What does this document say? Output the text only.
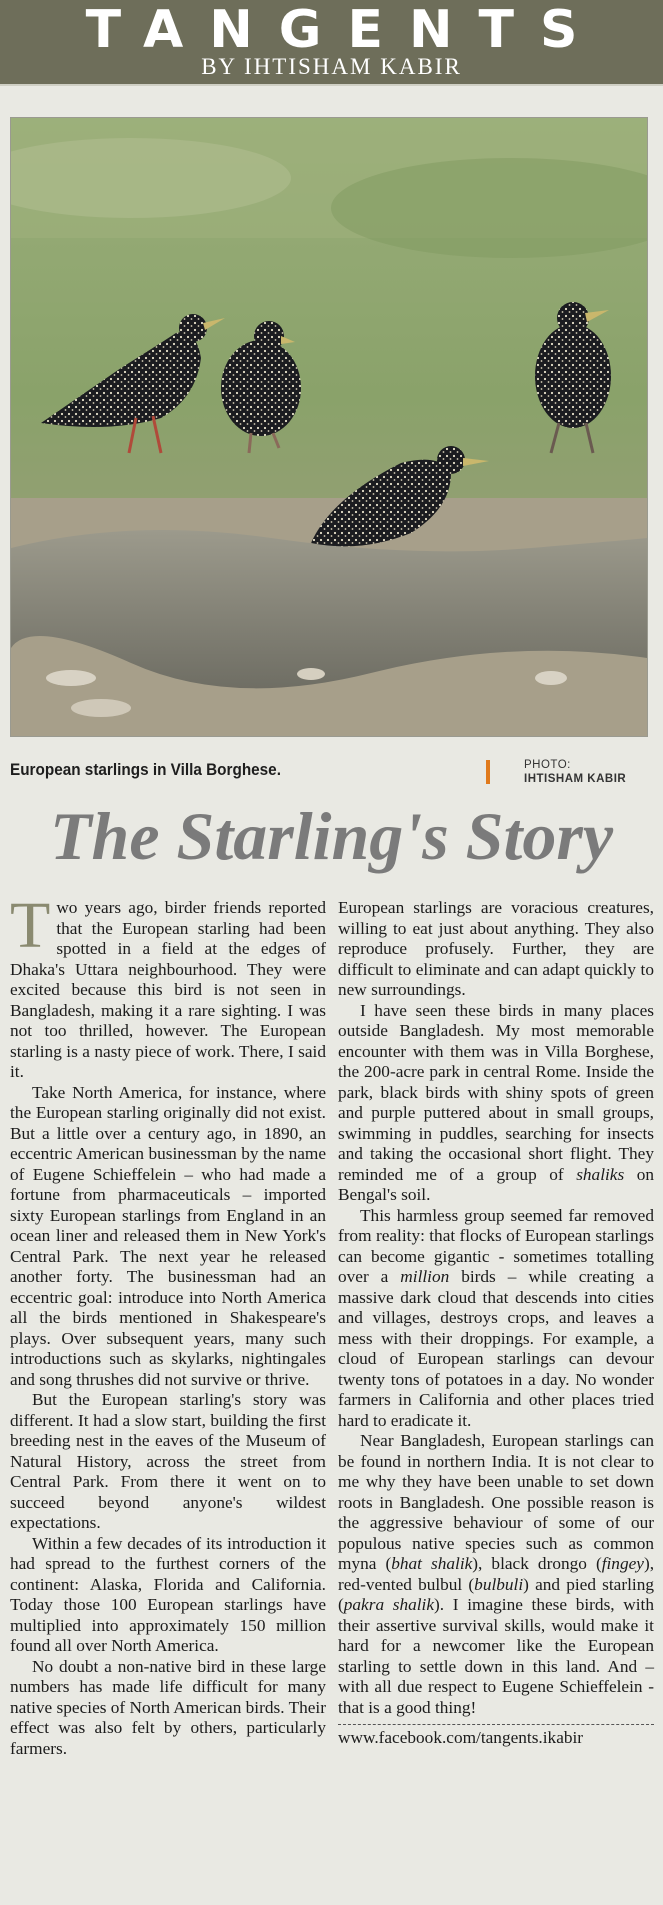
TANGENTS
BY IHTISHAM KABIR
European starlings in Villa Borghese.	PHOTO:
IHTISHAM KABIR
The Starling's Story

Two years ago, birder friends reported that the European starling had been spotted in a field at the edges of Dhaka's Uttara neighbourhood. They were excited because this bird is not seen in Bangladesh, making it a rare sighting. I was not too thrilled, however. The European starling is a nasty piece of work. There, I said it.

Take North America, for instance, where the European starling originally did not exist. But a little over a century ago, in 1890, an eccentric American businessman by the name of Eugene Schieffelein – who had made a fortune from pharmaceuticals – imported sixty European starlings from England in an ocean liner and released them in New York's Central Park. The next year he released another forty. The businessman had an eccentric goal: introduce into North America all the birds mentioned in Shakespeare's plays. Over subsequent years, many such introductions such as skylarks, nightingales and song thrushes did not survive or thrive.

But the European starling's story was different. It had a slow start, building the first breeding nest in the eaves of the Museum of Natural History, across the street from Central Park. From there it went on to succeed beyond anyone's wildest expectations.

Within a few decades of its introduction it had spread to the furthest corners of the continent: Alaska, Florida and California. Today those 100 European starlings have multiplied into approximately 150 million found all over North America.

No doubt a non-native bird in these large numbers has made life difficult for many native species of North American birds. Their effect was also felt by others, particularly farmers.

European starlings are voracious creatures, willing to eat just about anything. They also reproduce profusely. Further, they are difficult to eliminate and can adapt quickly to new surroundings.

I have seen these birds in many places outside Bangladesh. My most memorable encounter with them was in Villa Borghese, the 200-acre park in central Rome. Inside the park, black birds with shiny spots of green and purple puttered about in small groups, swimming in puddles, searching for insects and taking the occasional short flight. They reminded me of a group of shaliks on Bengal's soil.

This harmless group seemed far removed from reality: that flocks of European starlings can become gigantic - sometimes totalling over a million birds – while creating a massive dark cloud that descends into cities and villages, destroys crops, and leaves a mess with their droppings. For example, a cloud of European starlings can devour twenty tons of potatoes in a day. No wonder farmers in California and other places tried hard to eradicate it.

Near Bangladesh, European starlings can be found in northern India. It is not clear to me why they have been unable to set down roots in Bangladesh. One possible reason is the aggressive behaviour of some of our populous native species such as common myna (bhat shalik), black drongo (fingey), red-vented bulbul (bulbuli) and pied starling (pakra shalik). I imagine these birds, with their assertive survival skills, would make it hard for a newcomer like the European starling to settle down in this land. And – with all due respect to Eugene Schieffelein - that is a good thing!

www.facebook.com/tangents.ikabir
